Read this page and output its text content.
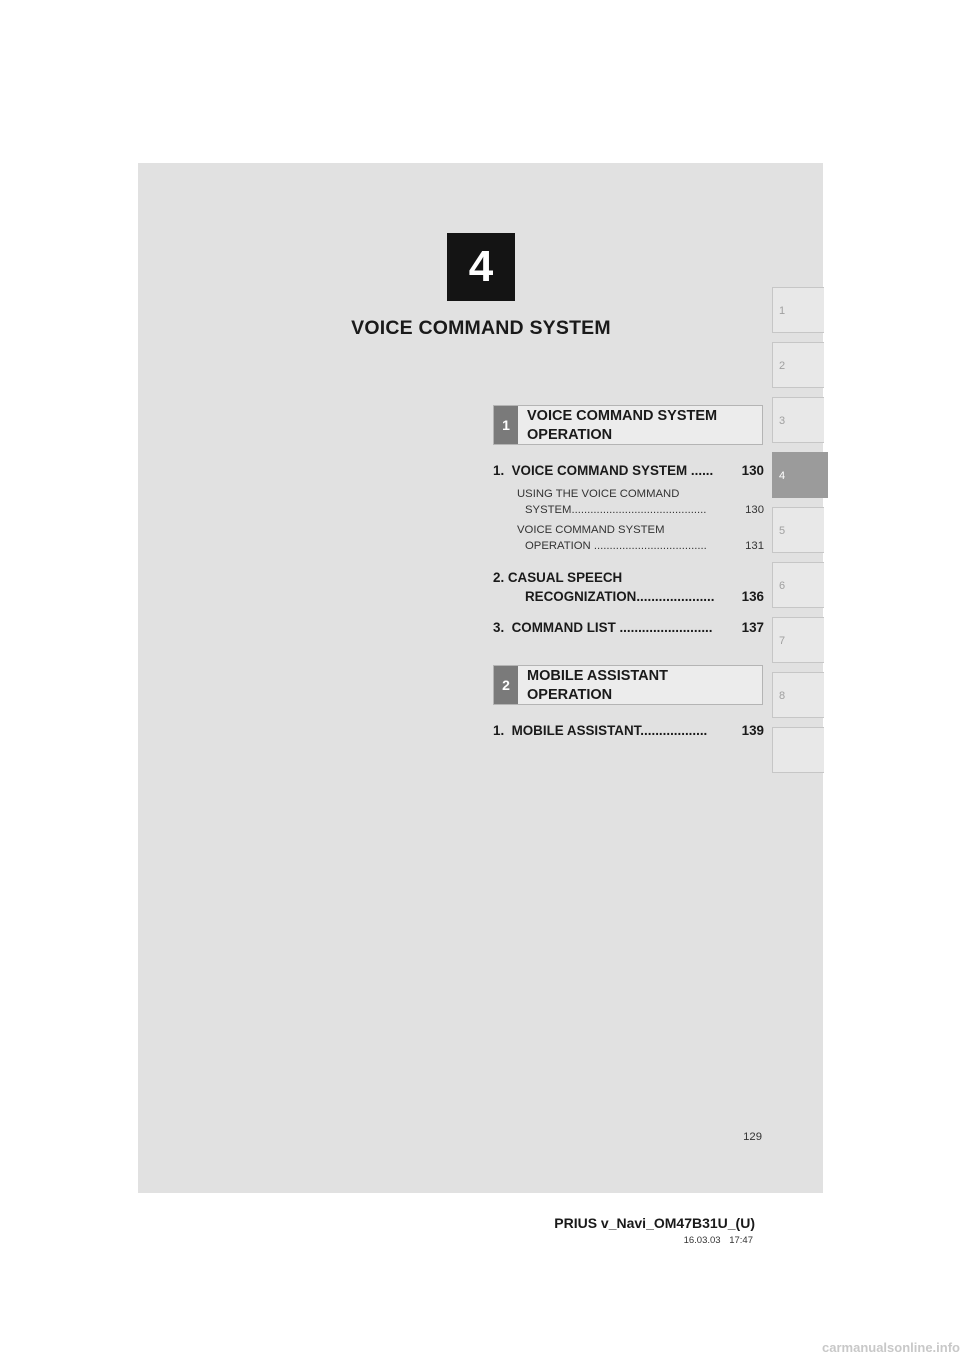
4
VOICE COMMAND SYSTEM
1
2
3
4
5
6
7
8
1
VOICE COMMAND SYSTEM
OPERATION
1.  VOICE COMMAND SYSTEM ...... 130
USING THE VOICE COMMAND
SYSTEM...........................................	130
VOICE COMMAND SYSTEM
OPERATION ....................................	131
2. CASUAL SPEECH
RECOGNIZATION..................... 136
3.  COMMAND LIST ......................... 137
2
MOBILE ASSISTANT
OPERATION
1.  MOBILE ASSISTANT..................	139
129
PRIUS v_Navi_OM47B31U_(U)
16.03.03 17:47
carmanualsonline.info
